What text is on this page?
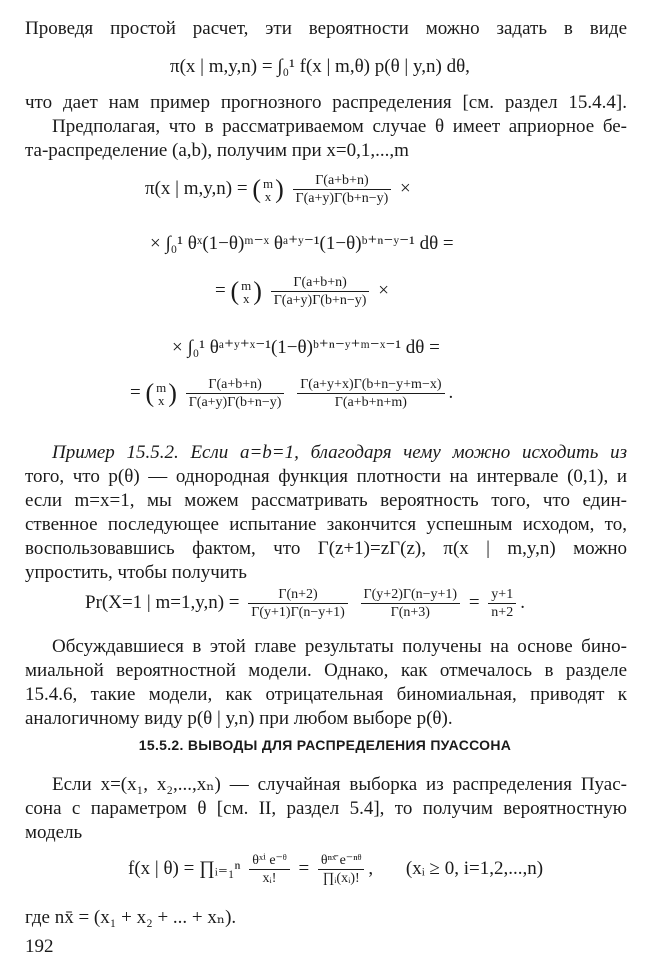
Проведя простой расчет, эти вероятности можно задать в виде
π(x | m,y,n) = ∫₀¹ f(x | m,θ) p(θ | y,n) dθ,
что дает нам пример прогнозного распределения [см. раздел 15.4.4].
Предполагая, что в рассматриваемом случае θ имеет априорное бе-
та-распределение (a,b), получим при x=0,1,...,m
π(x | m,y,n) = ( m
x ) $\frac{\Gamma(a+b+n)}{\Gamma(a+y)\Gamma(b+n-y)}$ ×
× ∫₀¹ θˣ(1−θ)ᵐ⁻ˣ θᵃ⁺ʸ⁻¹(1−θ)ᵇ⁺ⁿ⁻ʸ⁻¹ dθ =
= ( m
x ) $\frac{\Gamma(a+b+n)}{\Gamma(a+y)\Gamma(b+n-y)}$ ×
× ∫₀¹ θᵃ⁺ʸ⁺ˣ⁻¹(1−θ)ᵇ⁺ⁿ⁻ʸ⁺ᵐ⁻ˣ⁻¹ dθ =
= ( m
x ) $\frac{\Gamma(a+b+n)}{\Gamma(a+y)\Gamma(b+n-y)}$
$\frac{\Gamma(a+y+x)\Gamma(b+n-y+m-x)}{\Gamma(a+b+n+m)}$ .
Пример 15.5.2. Если a=b=1, благодаря чему можно исходить из
того, что p(θ) — однородная функция плотности на интервале (0,1), и
если m=x=1, мы можем рассматривать вероятность того, что един-
ственное последующее испытание закончится успешным исходом, то,
воспользовавшись фактом, что Γ(z+1)=zΓ(z), π(x | m,y,n) можно
упростить, чтобы получить
Pr(X=1 | $m=1,y,n) = \frac{\Gamma(n+2)}{\Gamma(y+1)\Gamma(n-y+1)}$
$\frac{\Gamma(y+2)\Gamma(n-y+1)}{\Gamma(n+3)} = \frac{y+1}{n+2}$ .
Обсуждавшиеся в этой главе результаты получены на основе бино-
миальной вероятностной модели. Однако, как отмечалось в разделе
15.4.6, такие модели, как отрицательная биномиальная, приводят к
аналогичному виду p(θ | y,n) при любом выборе p(θ).
15.5.2. ВЫВОДЫ ДЛЯ РАСПРЕДЕЛЕНИЯ ПУАССОНА
Если x=(x₁, x₂,...,xₙ) — случайная выборка из распределения Пуас-
сона с параметром θ [см. II, раздел 5.4], то получим вероятностную
модель
f(x | θ) = ∏ᵢ₌₁ⁿ $\frac{\text{θˣⁱ e⁻ᶿ}}{\text{xᵢ!}} = \frac{\text{θⁿˣ̄ e⁻ⁿᶿ}}{\text{∏ᵢ(xᵢ)!}}$ , (xᵢ ≥ 0, i=1,2,...,n)
где nx̄ = (x₁ + x₂ + ... + xₙ).
192
